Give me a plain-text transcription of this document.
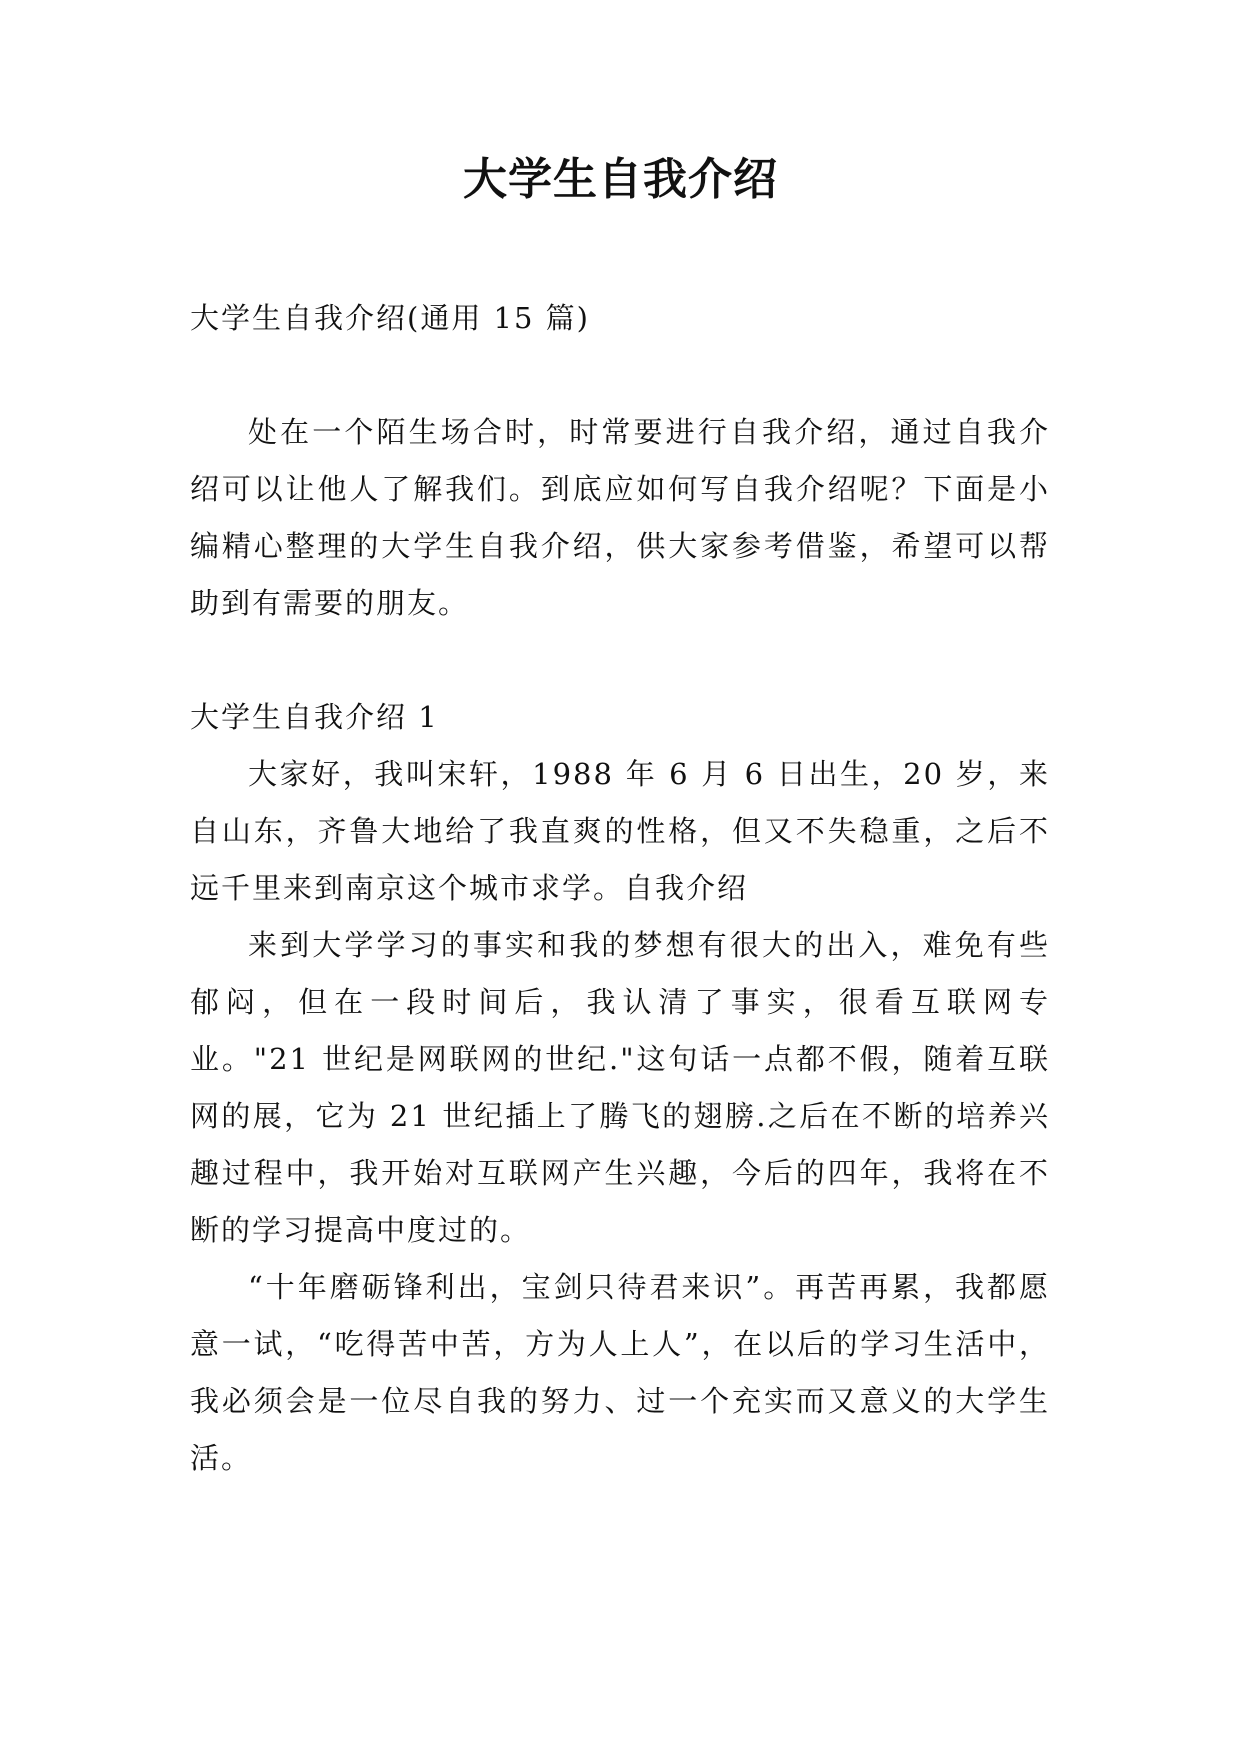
大学生自我介绍

大学生自我介绍(通用 15 篇)

处在一个陌生场合时，时常要进行自我介绍，通过自我介绍可以让他人了解我们。到底应如何写自我介绍呢？下面是小编精心整理的大学生自我介绍，供大家参考借鉴，希望可以帮助到有需要的朋友。

大学生自我介绍 1

大家好，我叫宋轩，1988 年 6 月 6 日出生，20 岁，来自山东，齐鲁大地给了我直爽的性格，但又不失稳重，之后不远千里来到南京这个城市求学。自我介绍

来到大学学习的事实和我的梦想有很大的出入，难免有些郁闷，但在一段时间后，我认清了事实，很看互联网专业。"21 世纪是网联网的世纪."这句话一点都不假，随着互联网的展，它为 21 世纪插上了腾飞的翅膀.之后在不断的培养兴趣过程中，我开始对互联网产生兴趣，今后的四年，我将在不断的学习提高中度过的。

“十年磨砺锋利出，宝剑只待君来识”。再苦再累，我都愿意一试，“吃得苦中苦，方为人上人”，在以后的学习生活中，我必须会是一位尽自我的努力、过一个充实而又意义的大学生活。
